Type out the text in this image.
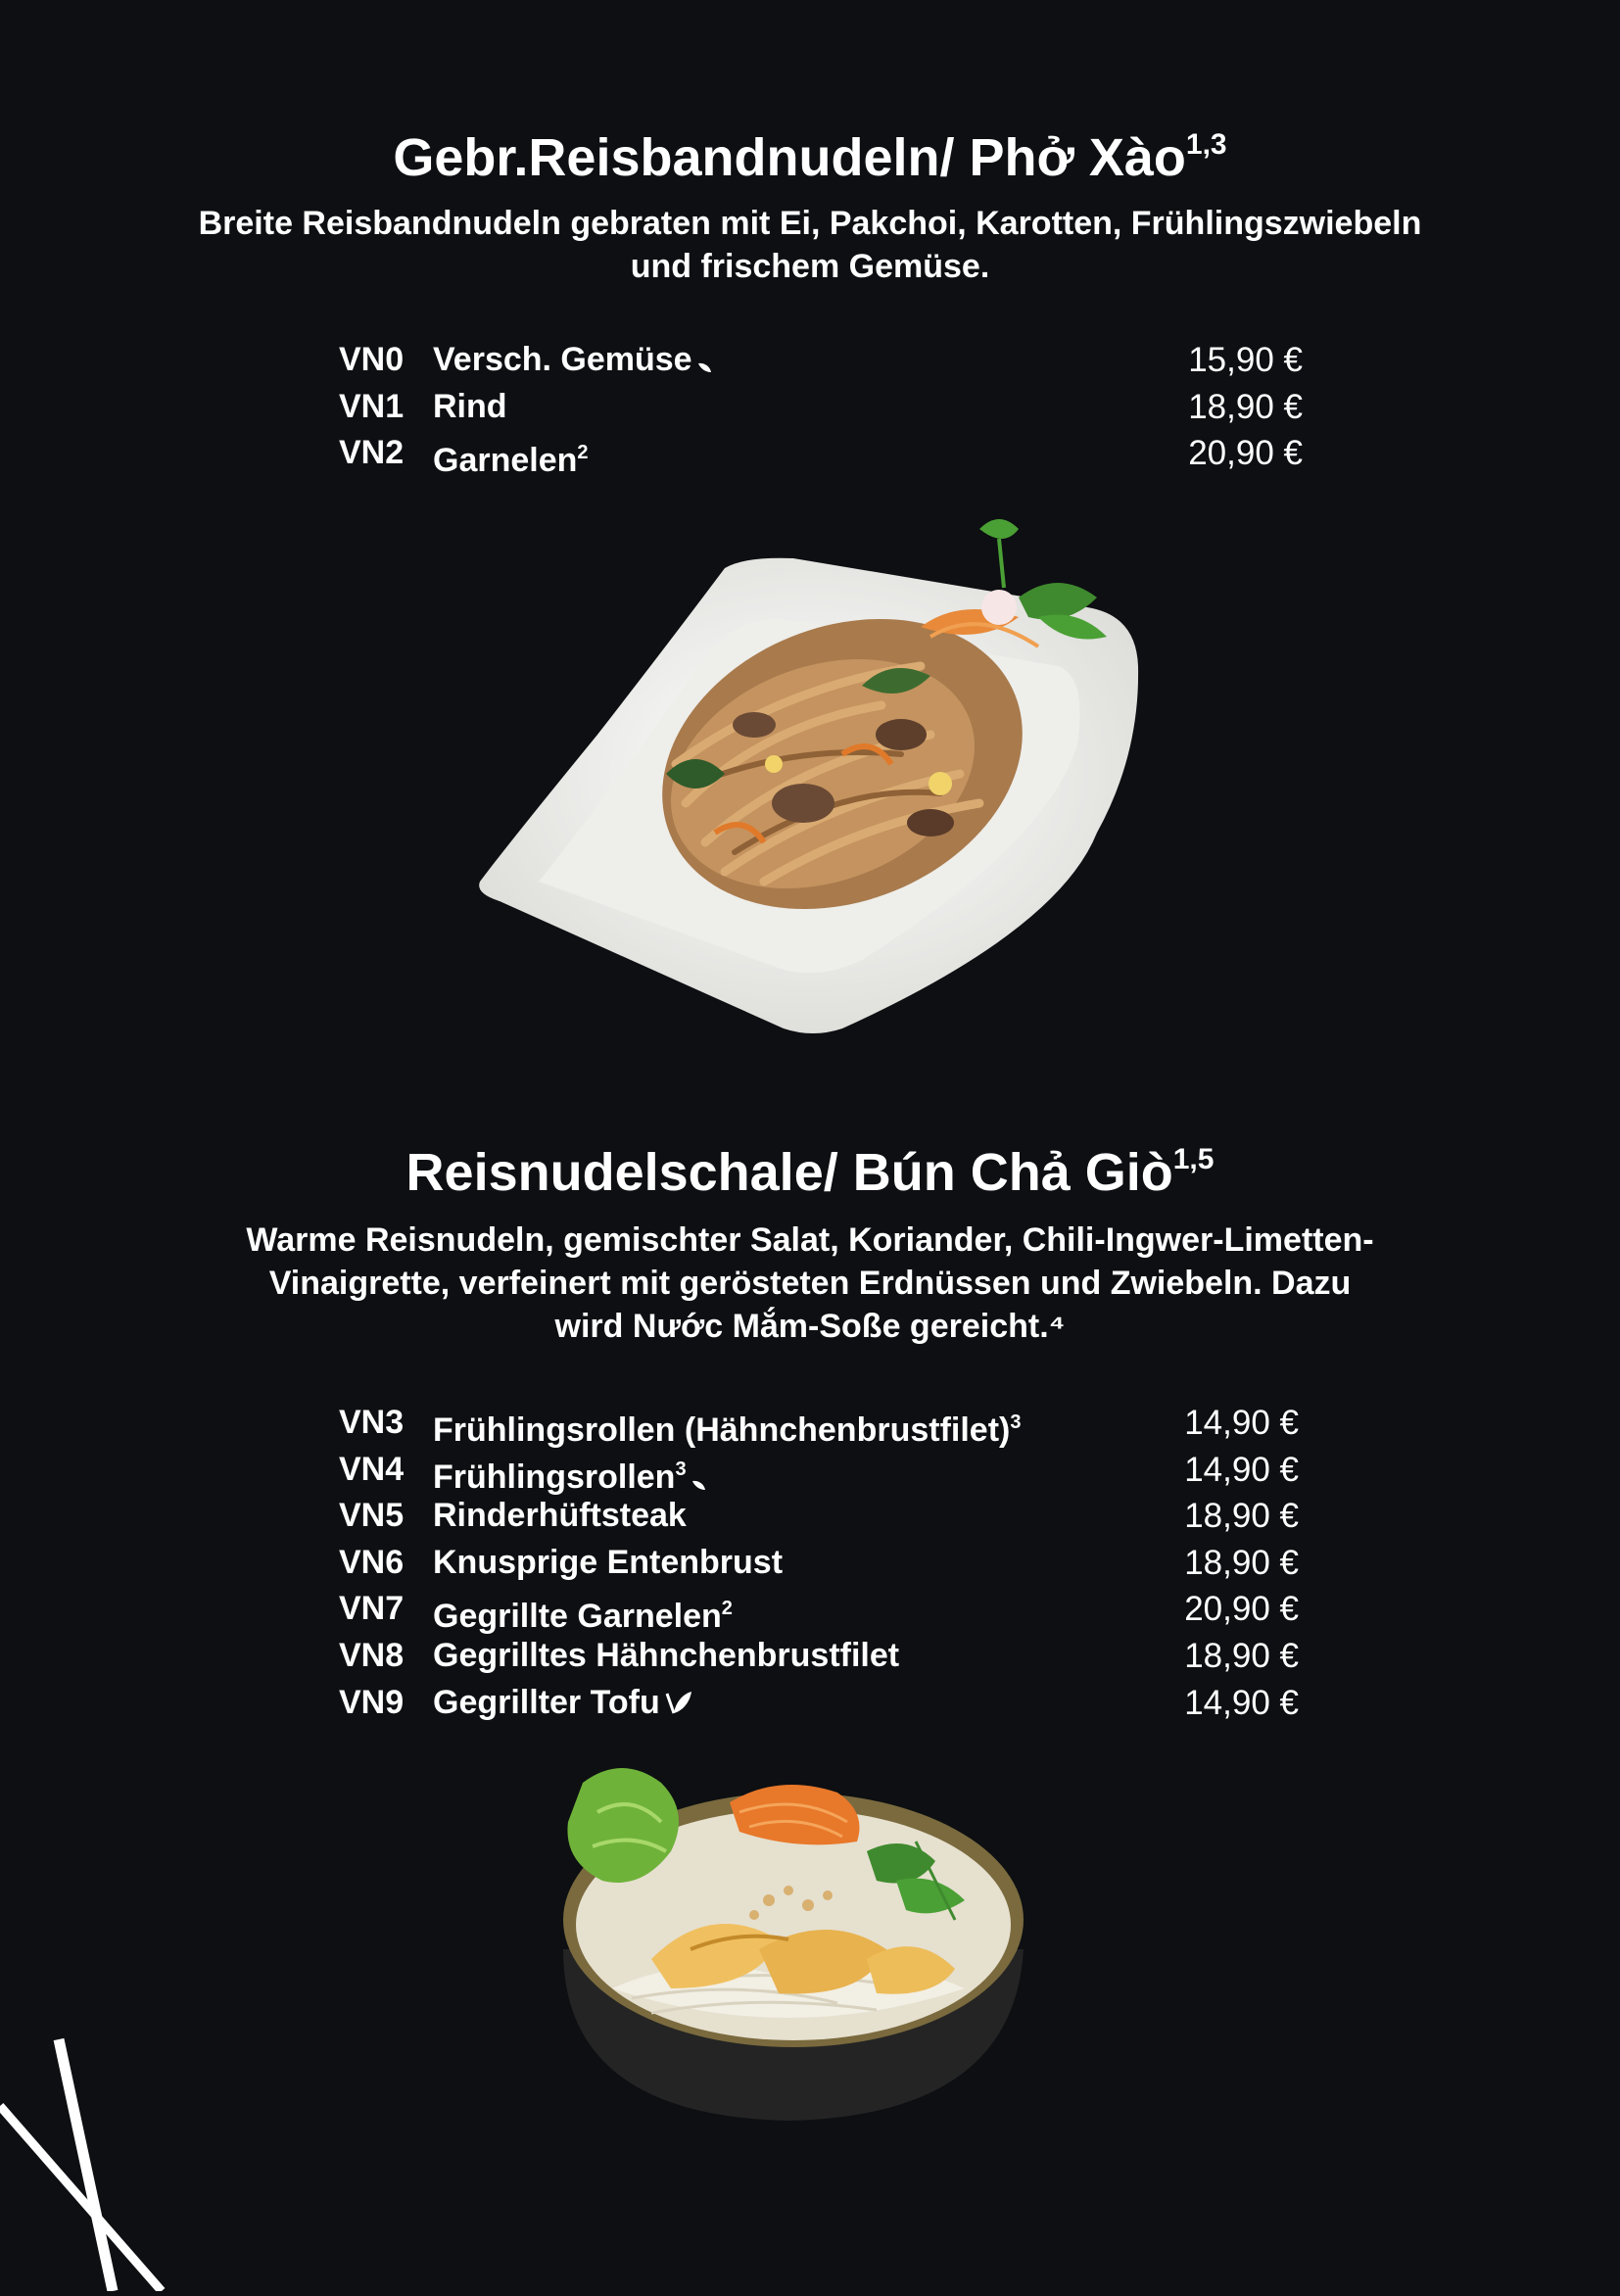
Gebr.Reisbandnudeln/ Phở Xào$^{1,3}$

Breite Reisbandnudeln gebraten mit Ei, Pakchoi, Karotten, Frühlingszwiebeln
und frischem Gemüse.

VN0 Versch. Gemüse	15,90 €
VN1 Rind	18,90 €
VN2 Garnelen$^2$	20,90 €
Reisnudelschale/ Bún Chả Giò$^{1,5}$

Warme Reisnudeln, gemischter Salat, Koriander, Chili-Ingwer-Limetten-
Vinaigrette, verfeinert mit gerösteten Erdnüssen und Zwiebeln. Dazu
wird Nước Mắm-Soße gereicht.⁴

VN3 Frühlingsrollen (Hähnchenbrustfilet)$^3$	14,90 €
VN4 Frühlingsrollen$^3$	14,90 €
VN5 Rinderhüftsteak	18,90 €
VN6 Knusprige Entenbrust	18,90 €
VN7 Gegrillte Garnelen$^2$	20,90 €
VN8 Gegrilltes Hähnchenbrustfilet	18,90 €
VN9 Gegrillter Tofu	14,90 €
